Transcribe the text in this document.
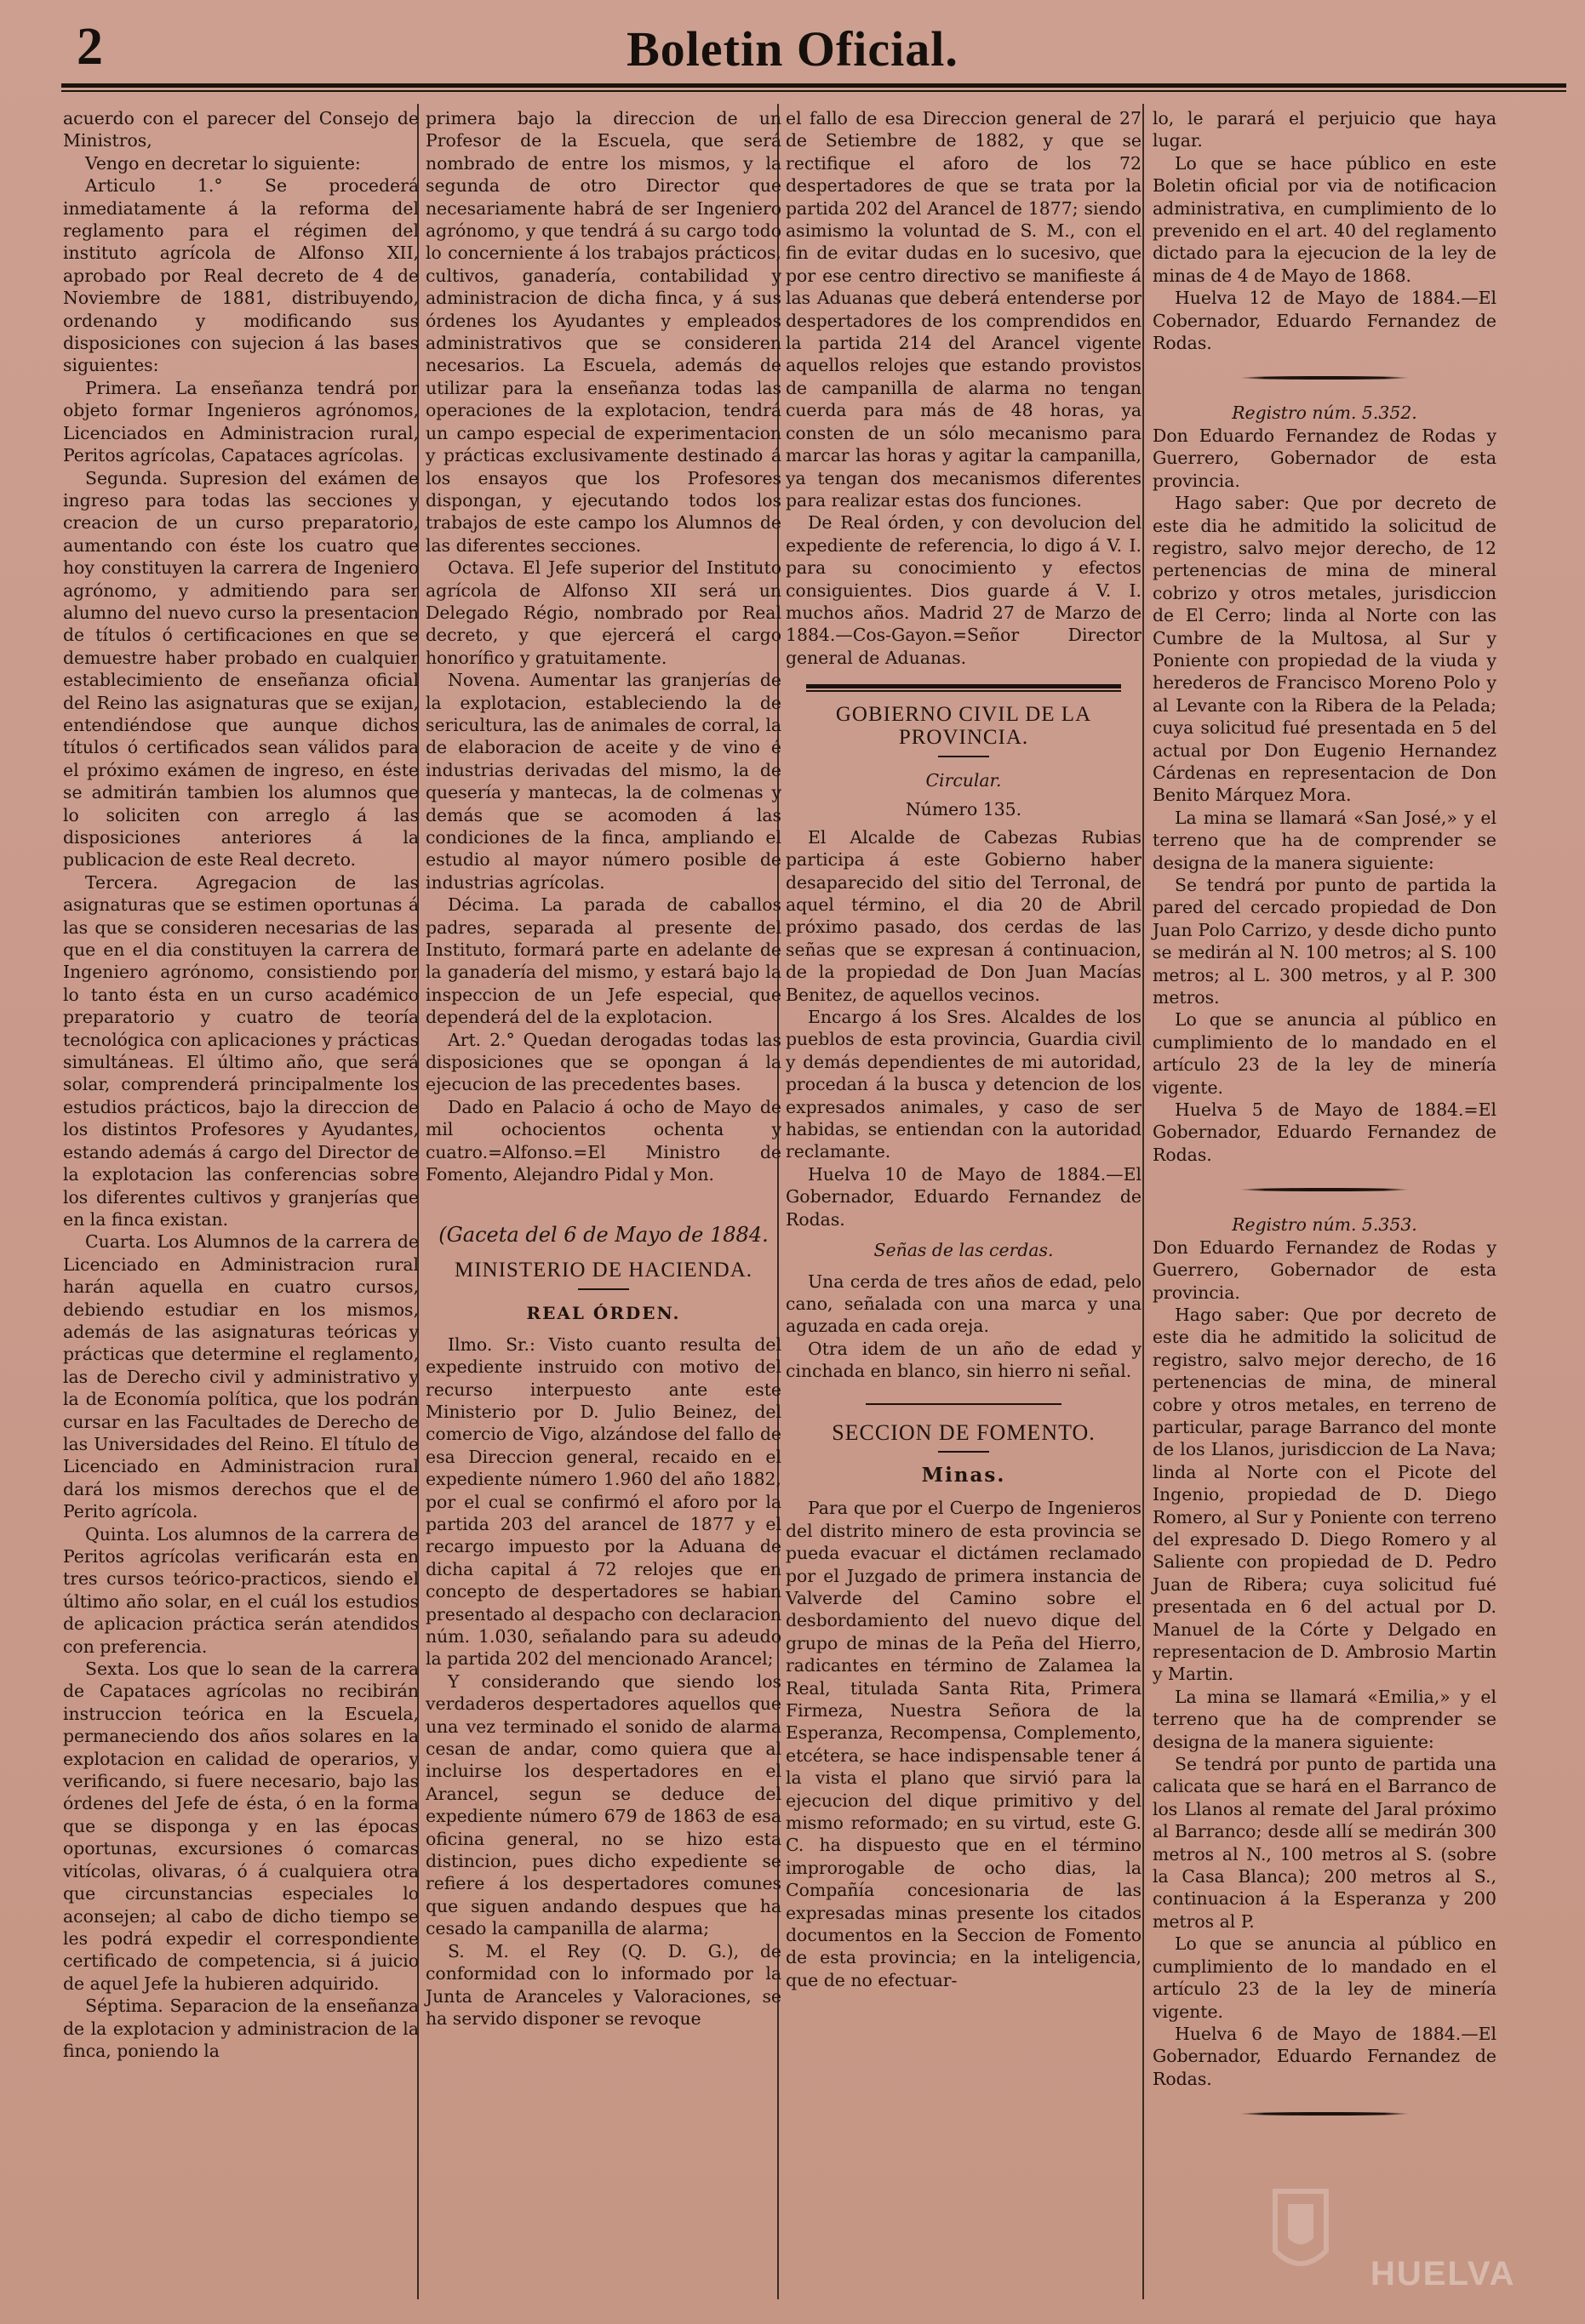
2	Boletin Oficial.

acuerdo con el parecer del Consejo de Ministros,

Vengo en decretar lo siguiente:

Articulo 1.° Se procederá inmediatamente á la reforma del reglamento para el régimen del instituto agrícola de Alfonso XII, aprobado por Real decreto de 4 de Noviembre de 1881, distribuyendo, ordenando y modificando sus disposiciones con sujecion á las bases siguientes:

Primera. La enseñanza tendrá por objeto formar Ingenieros agrónomos, Licenciados en Administracion rural, Peritos agrícolas, Capataces agrícolas.

Segunda. Supresion del exámen de ingreso para todas las secciones y creacion de un curso preparatorio, aumentando con éste los cuatro que hoy constituyen la carrera de Ingeniero agrónomo, y admitiendo para ser alumno del nuevo curso la presentacion de títulos ó certificaciones en que se demuestre haber probado en cualquier establecimiento de enseñanza oficial del Reino las asignaturas que se exijan, entendiéndose que aunque dichos títulos ó certificados sean válidos para el próximo exámen de ingreso, en éste se admitirán tambien los alumnos que lo soliciten con arreglo á las disposiciones anteriores á la publicacion de este Real decreto.

Tercera. Agregacion de las asignaturas que se estimen oportunas á las que se consideren necesarias de las que en el dia constituyen la carrera de Ingeniero agrónomo, consistiendo por lo tanto ésta en un curso académico preparatorio y cuatro de teoría tecnológica con aplicaciones y prácticas simultáneas. El último año, que será solar, comprenderá principalmente los estudios prácticos, bajo la direccion de los distintos Profesores y Ayudantes, estando además á cargo del Director de la explotacion las conferencias sobre los diferentes cultivos y granjerías que en la finca existan.

Cuarta. Los Alumnos de la carrera de Licenciado en Administracion rural harán aquella en cuatro cursos, debiendo estudiar en los mismos, además de las asignaturas teóricas y prácticas que determine el reglamento, las de Derecho civil y administrativo y la de Economía política, que los podrán cursar en las Facultades de Derecho de las Universidades del Reino. El título de Licenciado en Administracion rural dará los mismos derechos que el de Perito agrícola.

Quinta. Los alumnos de la carrera de Peritos agrícolas verificarán esta en tres cursos teórico-practicos, siendo el último año solar, en el cuál los estudios de aplicacion práctica serán atendidos con preferencia.

Sexta. Los que lo sean de la carrera de Capataces agrícolas no recibirán instruccion teórica en la Escuela, permaneciendo dos años solares en la explotacion en calidad de operarios, y verificando, si fuere necesario, bajo las órdenes del Jefe de ésta, ó en la forma que se disponga y en las épocas oportunas, excursiones ó comarcas vitícolas, olivaras, ó á cualquiera otra que circunstancias especiales lo aconsejen; al cabo de dicho tiempo se les podrá expedir el correspondiente certificado de competencia, si á juicio de aquel Jefe la hubieren adquirido.

Séptima. Separacion de la enseñanza de la explotacion y administracion de la finca, poniendo la

primera bajo la direccion de un Profesor de la Escuela, que será nombrado de entre los mismos, y la segunda de otro Director que necesariamente habrá de ser Ingeniero agrónomo, y que tendrá á su cargo todo lo concerniente á los trabajos prácticos, cultivos, ganadería, contabilidad y administracion de dicha finca, y á sus órdenes los Ayudantes y empleados administrativos que se consideren necesarios. La Escuela, además de utilizar para la enseñanza todas las operaciones de la explotacion, tendrá un campo especial de experimentacion y prácticas exclusivamente destinado á los ensayos que los Profesores dispongan, y ejecutando todos los trabajos de este campo los Alumnos de las diferentes secciones.

Octava. El Jefe superior del Instituto agrícola de Alfonso XII será un Delegado Régio, nombrado por Real decreto, y que ejercerá el cargo honorífico y gratuitamente.

Novena. Aumentar las granjerías de la explotacion, estableciendo la de sericultura, las de animales de corral, la de elaboracion de aceite y de vino é industrias derivadas del mismo, la de quesería y mantecas, la de colmenas y demás que se acomoden á las condiciones de la finca, ampliando el estudio al mayor número posible de industrias agrícolas.

Décima. La parada de caballos padres, separada al presente del Instituto, formará parte en adelante de la ganadería del mismo, y estará bajo la inspeccion de un Jefe especial, que dependerá del de la explotacion.

Art. 2.° Quedan derogadas todas las disposiciones que se opongan á la ejecucion de las precedentes bases.

Dado en Palacio á ocho de Mayo de mil ochocientos ochenta y cuatro.=Alfonso.=El Ministro de Fomento, Alejandro Pidal y Mon.

(Gaceta del 6 de Mayo de 1884.

MINISTERIO DE HACIENDA.
REAL ÓRDEN.

Ilmo. Sr.: Visto cuanto resulta del expediente instruido con motivo del recurso interpuesto ante este Ministerio por D. Julio Beinez, del comercio de Vigo, alzándose del fallo de esa Direccion general, recaido en el expediente número 1.960 del año 1882, por el cual se confirmó el aforo por la partida 203 del arancel de 1877 y el recargo impuesto por la Aduana de dicha capital á 72 relojes que en concepto de despertadores se habian presentado al despacho con declaracion núm. 1.030, señalando para su adeudo la partida 202 del mencionado Arancel;

Y considerando que siendo los verdaderos despertadores aquellos que una vez terminado el sonido de alarma cesan de andar, como quiera que al incluirse los despertadores en el Arancel, segun se deduce del expediente número 679 de 1863 de esa oficina general, no se hizo esta distincion, pues dicho expediente se refiere á los despertadores comunes que siguen andando despues que ha cesado la campanilla de alarma;

S. M. el Rey (Q. D. G.), de conformidad con lo informado por la Junta de Aranceles y Valoraciones, se ha servido disponer se revoque

el fallo de esa Direccion general de 27 de Setiembre de 1882, y que se rectifique el aforo de los 72 despertadores de que se trata por la partida 202 del Arancel de 1877; siendo asimismo la voluntad de S. M., con el fin de evitar dudas en lo sucesivo, que por ese centro directivo se manifieste á las Aduanas que deberá entenderse por despertadores de los comprendidos en la partida 214 del Arancel vigente aquellos relojes que estando provistos de campanilla de alarma no tengan cuerda para más de 48 horas, ya consten de un sólo mecanismo para marcar las horas y agitar la campanilla, ya tengan dos mecanismos diferentes para realizar estas dos funciones.

De Real órden, y con devolucion del expediente de referencia, lo digo á V. I. para su conocimiento y efectos consiguientes. Dios guarde á V. I. muchos años. Madrid 27 de Marzo de 1884.—Cos-Gayon.=Señor Director general de Aduanas.

GOBIERNO CIVIL DE LA PROVINCIA.

Circular.

Número 135.

El Alcalde de Cabezas Rubias participa á este Gobierno haber desaparecido del sitio del Terronal, de aquel término, el dia 20 de Abril próximo pasado, dos cerdas de las señas que se expresan á continuacion, de la propiedad de Don Juan Macías Benitez, de aquellos vecinos.

Encargo á los Sres. Alcaldes de los pueblos de esta provincia, Guardia civil y demás dependientes de mi autoridad, procedan á la busca y detencion de los expresados animales, y caso de ser habidas, se entiendan con la autoridad reclamante.

Huelva 10 de Mayo de 1884.—El Gobernador, Eduardo Fernandez de Rodas.

Señas de las cerdas.

Una cerda de tres años de edad, pelo cano, señalada con una marca y una aguzada en cada oreja.

Otra idem de un año de edad y cinchada en blanco, sin hierro ni señal.

SECCION DE FOMENTO.
Minas.

Para que por el Cuerpo de Ingenieros del distrito minero de esta provincia se pueda evacuar el dictámen reclamado por el Juzgado de primera instancia de Valverde del Camino sobre el desbordamiento del nuevo dique del grupo de minas de la Peña del Hierro, radicantes en término de Zalamea la Real, titulada Santa Rita, Primera Firmeza, Nuestra Señora de la Esperanza, Recompensa, Complemento, etcétera, se hace indispensable tener á la vista el plano que sirvió para la ejecucion del dique primitivo y del mismo reformado; en su virtud, este G. C. ha dispuesto que en el término improrogable de ocho dias, la Compañía concesionaria de las expresadas minas presente los citados documentos en la Seccion de Fomento de esta provincia; en la inteligencia, que de no efectuar-

lo, le parará el perjuicio que haya lugar.

Lo que se hace público en este Boletin oficial por via de notificacion administrativa, en cumplimiento de lo prevenido en el art. 40 del reglamento dictado para la ejecucion de la ley de minas de 4 de Mayo de 1868.

Huelva 12 de Mayo de 1884.—El Cobernador, Eduardo Fernandez de Rodas.

Registro núm. 5.352.

Don Eduardo Fernandez de Rodas y Guerrero, Gobernador de esta provincia.

Hago saber: Que por decreto de este dia he admitido la solicitud de registro, salvo mejor derecho, de 12 pertenencias de mina de mineral cobrizo y otros metales, jurisdiccion de El Cerro; linda al Norte con las Cumbre de la Multosa, al Sur y Poniente con propiedad de la viuda y herederos de Francisco Moreno Polo y al Levante con la Ribera de la Pelada; cuya solicitud fué presentada en 5 del actual por Don Eugenio Hernandez Cárdenas en representacion de Don Benito Márquez Mora.

La mina se llamará «San José,» y el terreno que ha de comprender se designa de la manera siguiente:

Se tendrá por punto de partida la pared del cercado propiedad de Don Juan Polo Carrizo, y desde dicho punto se medirán al N. 100 metros; al S. 100 metros; al L. 300 metros, y al P. 300 metros.

Lo que se anuncia al público en cumplimiento de lo mandado en el artículo 23 de la ley de minería vigente.

Huelva 5 de Mayo de 1884.=El Gobernador, Eduardo Fernandez de Rodas.

Registro núm. 5.353.

Don Eduardo Fernandez de Rodas y Guerrero, Gobernador de esta provincia.

Hago saber: Que por decreto de este dia he admitido la solicitud de registro, salvo mejor derecho, de 16 pertenencias de mina, de mineral cobre y otros metales, en terreno de particular, parage Barranco del monte de los Llanos, jurisdiccion de La Nava; linda al Norte con el Picote del Ingenio, propiedad de D. Diego Romero, al Sur y Poniente con terreno del expresado D. Diego Romero y al Saliente con propiedad de D. Pedro Juan de Ribera; cuya solicitud fué presentada en 6 del actual por D. Manuel de la Córte y Delgado en representacion de D. Ambrosio Martin y Martin.

La mina se llamará «Emilia,» y el terreno que ha de comprender se designa de la manera siguiente:

Se tendrá por punto de partida una calicata que se hará en el Barranco de los Llanos al remate del Jaral próximo al Barranco; desde allí se medirán 300 metros al N., 100 metros al S. (sobre la Casa Blanca); 200 metros al S., continuacion á la Esperanza y 200 metros al P.

Lo que se anuncia al público en cumplimiento de lo mandado en el artículo 23 de la ley de minería vigente.

Huelva 6 de Mayo de 1884.—El Gobernador, Eduardo Fernandez de Rodas.

HUELVA
